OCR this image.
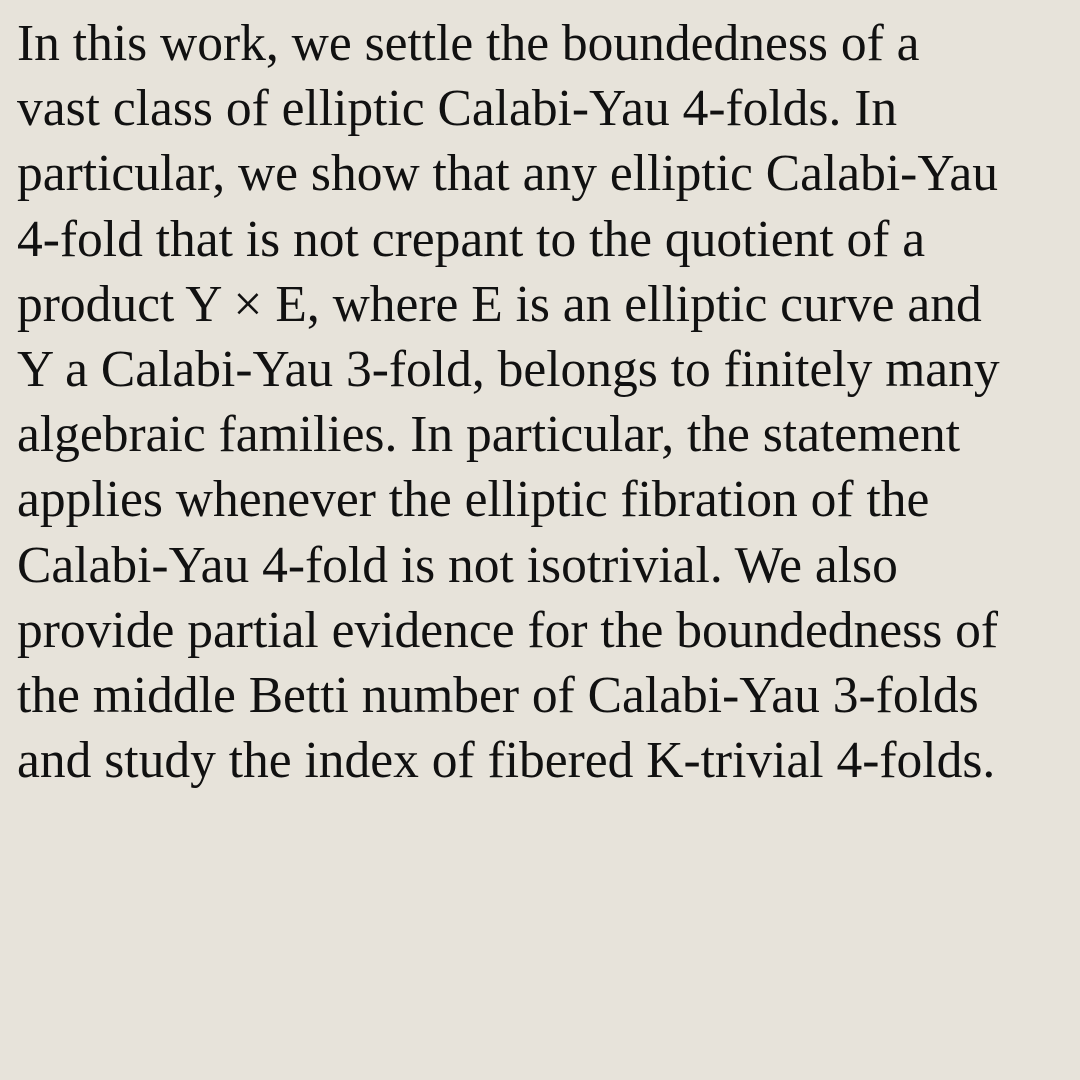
In this work, we settle the boundedness of a
vast class of elliptic Calabi-Yau 4-folds. In
particular, we show that any elliptic Calabi-Yau
4-fold that is not crepant to the quotient of a
product Y × E, where E is an elliptic curve and
Y a Calabi-Yau 3-fold, belongs to finitely many
algebraic families. In particular, the statement
applies whenever the elliptic fibration of the
Calabi-Yau 4-fold is not isotrivial. We also
provide partial evidence for the boundedness of
the middle Betti number of Calabi-Yau 3-folds
and study the index of fibered K-trivial 4-folds.
